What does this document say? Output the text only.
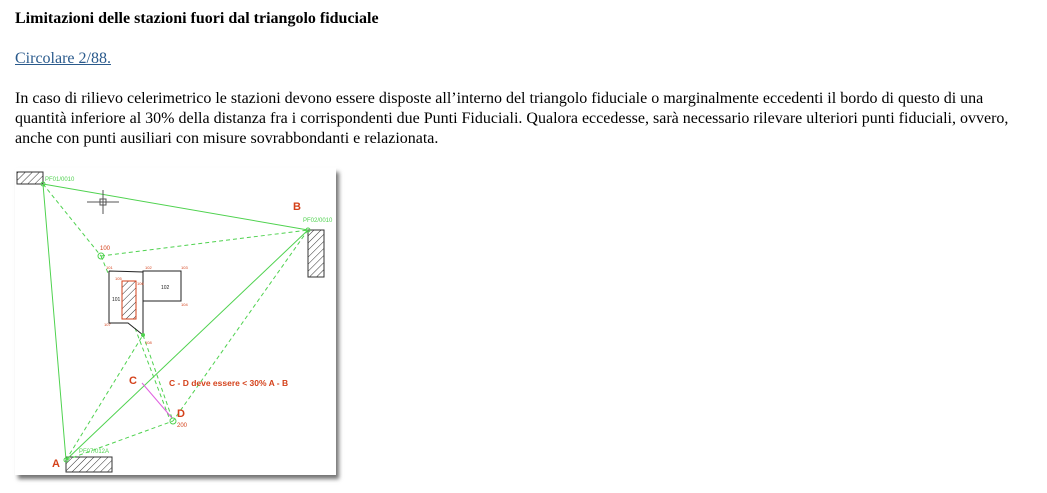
Limitazioni delle stazioni fuori dal triangolo fiduciale
Circolare 2/88.

In caso di rilievo celerimetrico le stazioni devono essere disposte all’interno del triangolo fiduciale o marginalmente eccedenti il bordo di questo di una quantità inferiore al 30% della distanza fra i corrispondenti due Punti Fiduciali. Qualora eccedesse, sarà necessario rilevare ulteriori punti fiduciali, ovvero, anche con punti ausiliari con misure sovrabbondanti e relazionata.

PF01/0010
PF02/0010
PF07/012A
B
A
C
D
100
200
C - D deve essere < 30% A - B
102
101
101	102	103
104
105
106
107
108
